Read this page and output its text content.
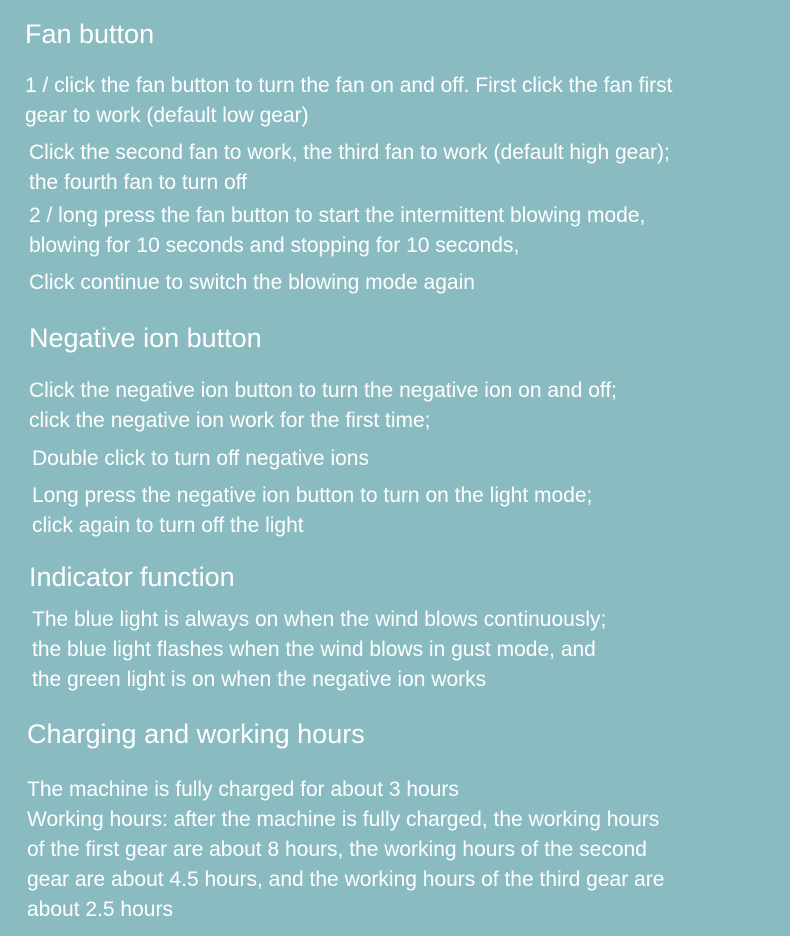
Fan button
1 / click the fan button to turn the fan on and off. First click the fan first
gear to work (default low gear)
Click the second fan to work, the third fan to work (default high gear);
the fourth fan to turn off
2 / long press the fan button to start the intermittent blowing mode,
blowing for 10 seconds and stopping for 10 seconds,
Click continue to switch the blowing mode again
Negative ion button
Click the negative ion button to turn the negative ion on and off;
click the negative ion work for the first time;
Double click to turn off negative ions
Long press the negative ion button to turn on the light mode;
click again to turn off the light
Indicator function
The blue light is always on when the wind blows continuously;
the blue light flashes when the wind blows in gust mode, and
the green light is on when the negative ion works
Charging and working hours
The machine is fully charged for about 3 hours
Working hours: after the machine is fully charged, the working hours
of the first gear are about 8 hours, the working hours of the second
gear are about 4.5 hours, and the working hours of the third gear are
about 2.5 hours
